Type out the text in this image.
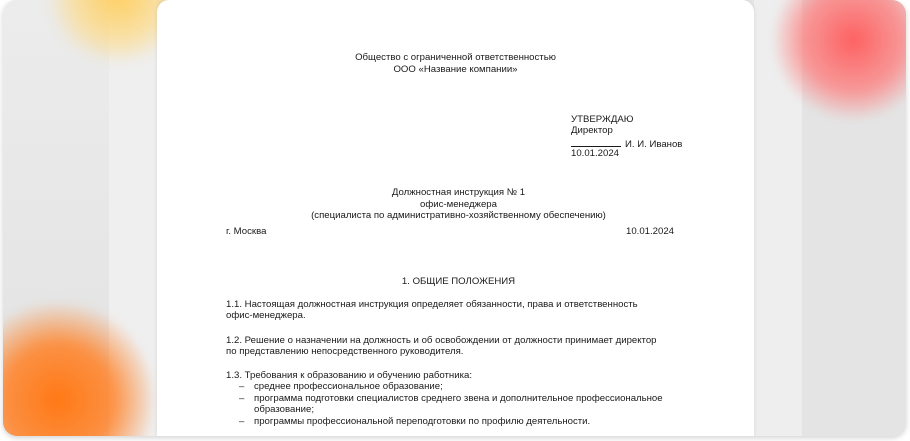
Общество с ограниченной ответственностью
ООО «Название компании»
УТВЕРЖДАЮ
Директор
И. И. Иванов
10.01.2024
Должностная инструкция № 1
офис-менеджера
(специалиста по административно-хозяйственному обеспечению)
г. Москва	10.01.2024
1. ОБЩИЕ ПОЛОЖЕНИЯ
1.1. Настоящая должностная инструкция определяет обязанности, права и ответственность
офис-менеджера.
1.2. Решение о назначении на должность и об освобождении от должности принимает директор
по представлению непосредственного руководителя.
1.3. Требования к образованию и обучению работника:
– среднее профессиональное образование;
– программа подготовки специалистов среднего звена и дополнительное профессиональное
образование;
– программы профессиональной переподготовки по профилю деятельности.
